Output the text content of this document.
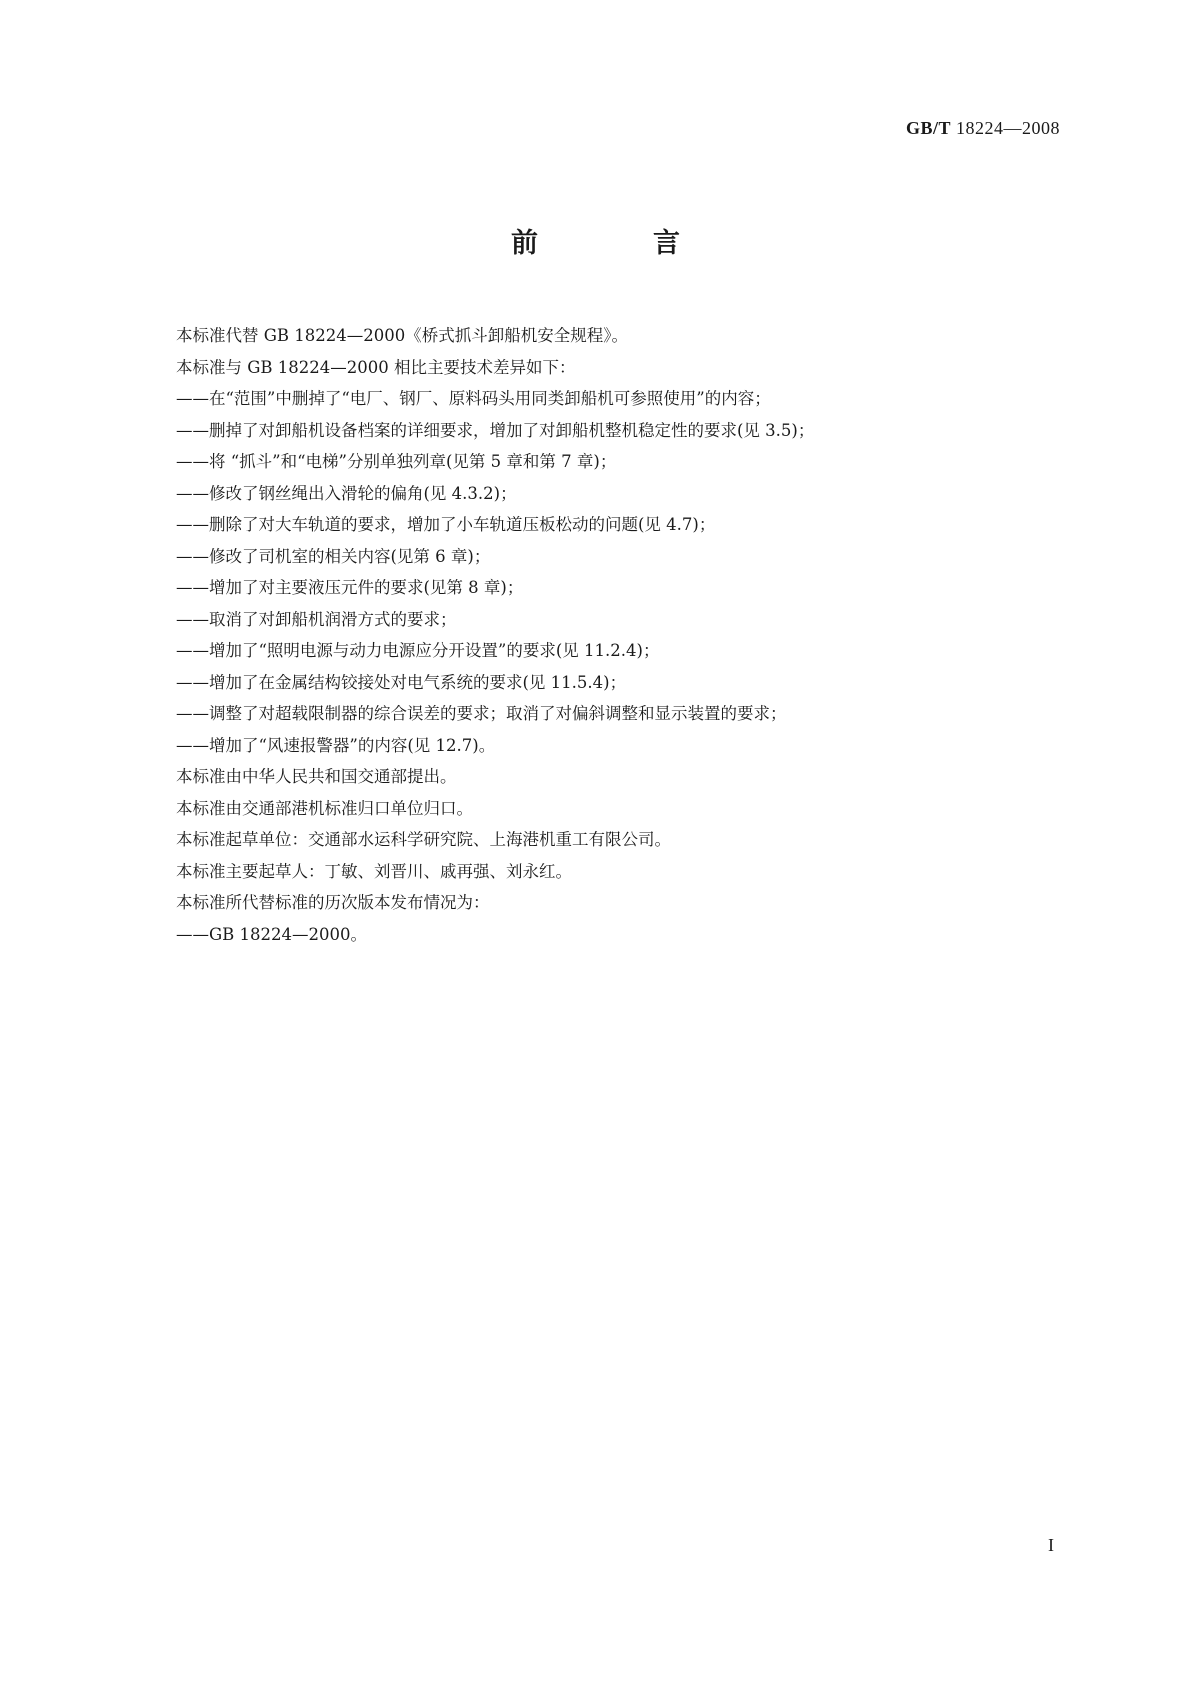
GB/T 18224—2008
前　言
本标准代替 GB 18224—2000《桥式抓斗卸船机安全规程》。
本标准与 GB 18224—2000 相比主要技术差异如下：
——在“范围”中删掉了“电厂、钢厂、原料码头用同类卸船机可参照使用”的内容；
——删掉了对卸船机设备档案的详细要求，增加了对卸船机整机稳定性的要求(见 3.5)；
——将 “抓斗”和“电梯”分别单独列章(见第 5 章和第 7 章)；
——修改了钢丝绳出入滑轮的偏角(见 4.3.2)；
——删除了对大车轨道的要求，增加了小车轨道压板松动的问题(见 4.7)；
——修改了司机室的相关内容(见第 6 章)；
——增加了对主要液压元件的要求(见第 8 章)；
——取消了对卸船机润滑方式的要求；
——增加了“照明电源与动力电源应分开设置”的要求(见 11.2.4)；
——增加了在金属结构铰接处对电气系统的要求(见 11.5.4)；
——调整了对超载限制器的综合误差的要求；取消了对偏斜调整和显示装置的要求；
——增加了“风速报警器”的内容(见 12.7)。
本标准由中华人民共和国交通部提出。
本标准由交通部港机标准归口单位归口。
本标准起草单位：交通部水运科学研究院、上海港机重工有限公司。
本标准主要起草人：丁敏、刘晋川、戚再强、刘永红。
本标准所代替标准的历次版本发布情况为：
——GB 18224—2000。
I
